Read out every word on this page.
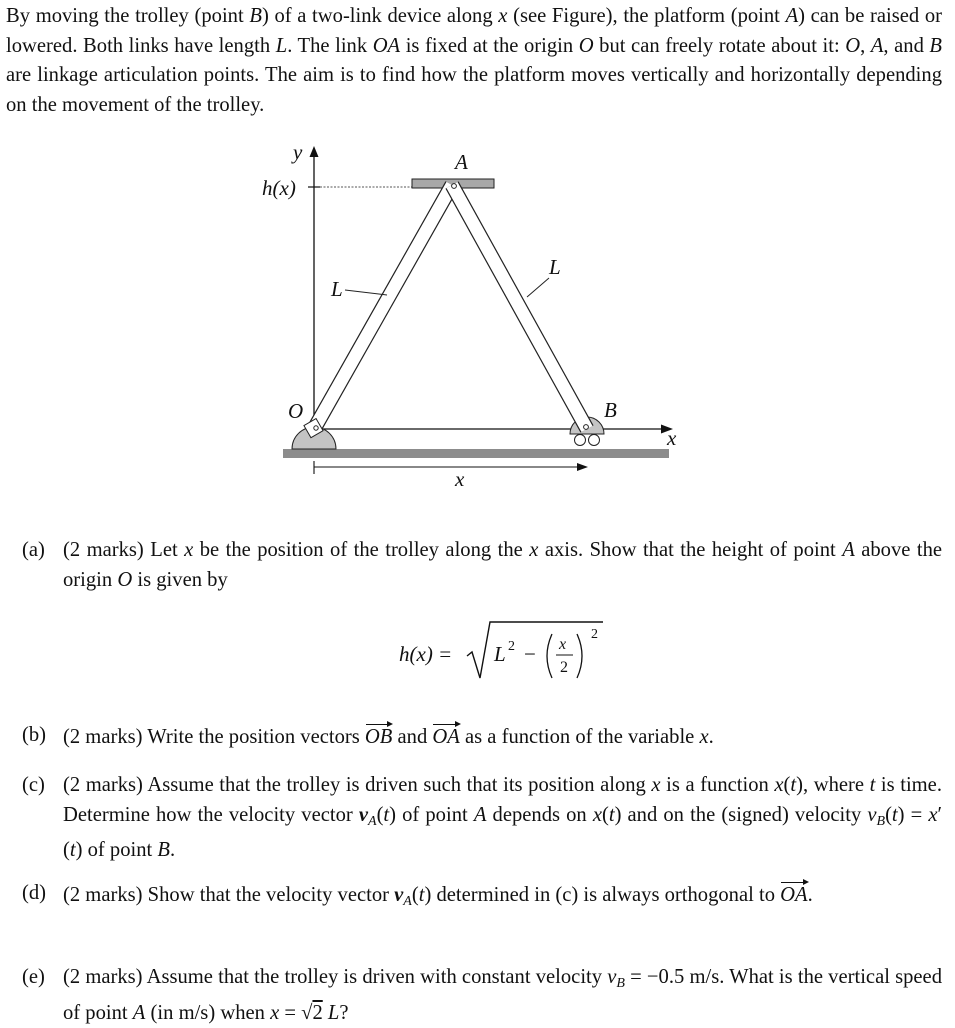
By moving the trolley (point B) of a two-link device along x (see Figure), the platform (point A) can be raised or lowered. Both links have length L. The link OA is fixed at the origin O but can freely rotate about it: O, A, and B are linkage articulation points. The aim is to find how the platform moves vertically and horizontally depending on the movement of the trolley.

y
h(x)
A
L
L
O	B
x
x
(a) (2 marks) Let x be the position of the trolley along the x axis. Show that the height of point A above the origin O is given by
h(x) = L 2 − x
2
2
(b) (2 marks) Write the position vectors OB and OA as a function of the variable x.
(c) (2 marks) Assume that the trolley is driven such that its position along x is a function x(t), where t is time. Determine how the velocity vector $v_A(t)$ of point A depends on x(t) and on the (signed) velocity $v_B(t) = x'(t)$ of point B.
(d) (2 marks) Show that the velocity vector $v_A(t)$ determined in (c) is always orthogonal to OA.
(e) (2 marks) Assume that the trolley is driven with constant velocity $v_B = -0.5$ m/s. What is the vertical speed of point A (in m/s) when x = √2 L?
